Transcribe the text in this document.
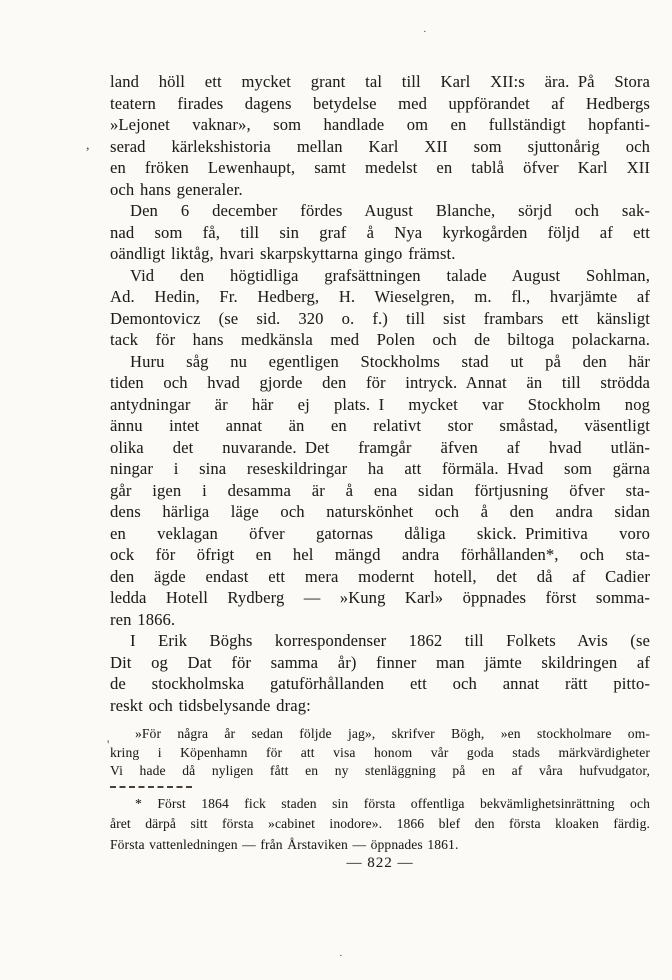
land höll ett mycket grant tal till Karl XII:s ära. På Stora
teatern firades dagens betydelse med uppförandet af Hedbergs
»Lejonet vaknar», som handlade om en fullständigt hopfanti-
serad kärlekshistoria mellan Karl XII som sjuttonårig och
en fröken Lewenhaupt, samt medelst en tablå öfver Karl XII
och hans generaler.
Den 6 december fördes August Blanche, sörjd och sak-
nad som få, till sin graf å Nya kyrkogården följd af ett
oändligt liktåg, hvari skarpskyttarna gingo främst.
Vid den högtidliga grafsättningen talade August Sohlman,
Ad. Hedin, Fr. Hedberg, H. Wieselgren, m. fl., hvarjämte af
Demontovicz (se sid. 320 o. f.) till sist frambars ett känsligt
tack för hans medkänsla med Polen och de biltoga polackarna.
Huru såg nu egentligen Stockholms stad ut på den här
tiden och hvad gjorde den för intryck. Annat än till strödda
antydningar är här ej plats. I mycket var Stockholm nog
ännu intet annat än en relativt stor småstad, väsentligt
olika det nuvarande. Det framgår äfven af hvad utlän-
ningar i sina reseskildringar ha att förmäla. Hvad som gärna
går igen i desamma är å ena sidan förtjusning öfver sta-
dens härliga läge och naturskönhet och å den andra sidan
en veklagan öfver gatornas dåliga skick. Primitiva voro
ock för öfrigt en hel mängd andra förhållanden*, och sta-
den ägde endast ett mera modernt hotell, det då af Cadier
ledda Hotell Rydberg — »Kung Karl» öppnades först somma-
ren 1866.
I Erik Böghs korrespondenser 1862 till Folkets Avis (se
Dit og Dat för samma år) finner man jämte skildringen af
de stockholmska gatuförhållanden ett och annat rätt pitto-
reskt och tidsbelysande drag:
»För några år sedan följde jag», skrifver Bögh, »en stockholmare om-
kring i Köpenhamn för att visa honom vår goda stads märkvärdigheter
Vi hade då nyligen fått en ny stenläggning på en af våra hufvudgator,
* Först 1864 fick staden sin första offentliga bekvämlighetsinrättning och
året därpå sitt första »cabinet inodore». 1866 blef den första kloaken färdig.
Första vattenledningen — från Årstaviken — öppnades 1861.
— 822 —
·
,
'
·
